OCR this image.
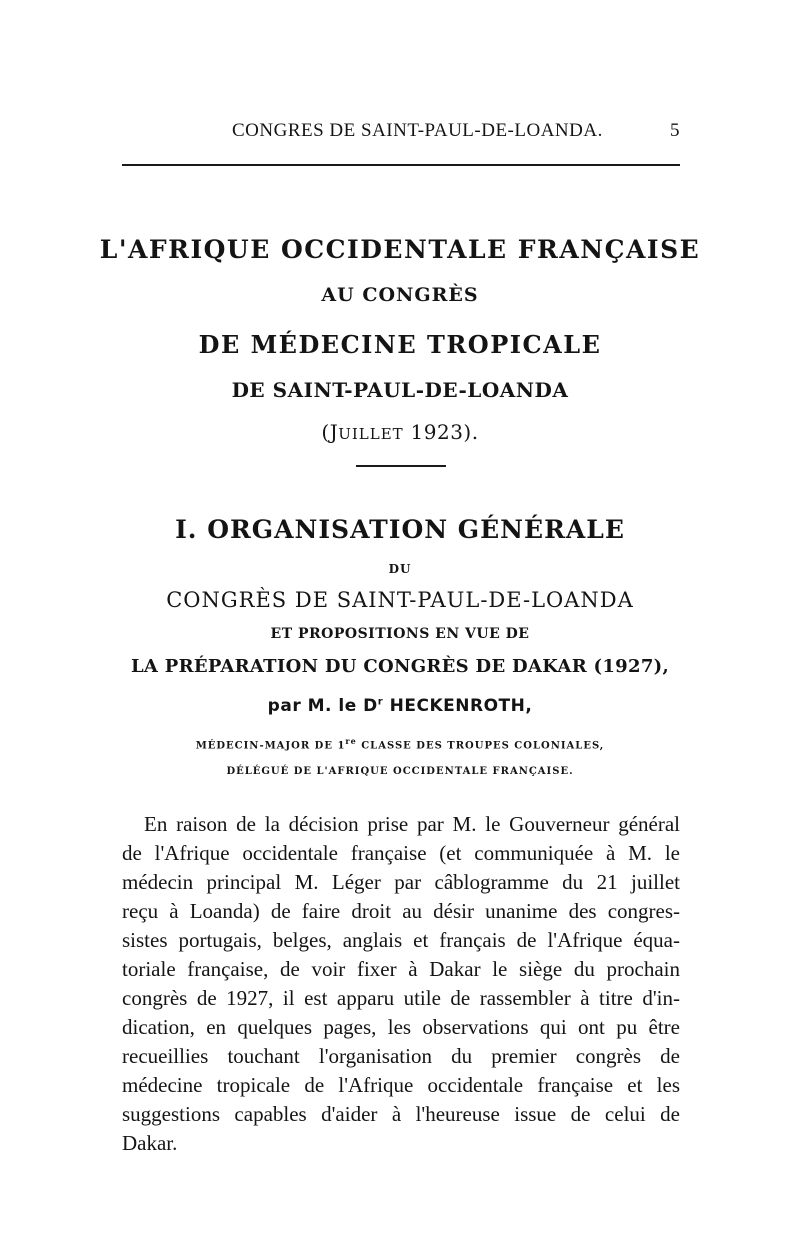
CONGRES DE SAINT-PAUL-DE-LOANDA.	5
L'AFRIQUE OCCIDENTALE FRANÇAISE
AU CONGRÈS
DE MÉDECINE TROPICALE
DE SAINT-PAUL-DE-LOANDA
(JUILLET 1923).
I. ORGANISATION GÉNÉRALE
DU
CONGRÈS DE SAINT-PAUL-DE-LOANDA
ET PROPOSITIONS EN VUE DE
LA PRÉPARATION DU CONGRÈS DE DAKAR (1927),
par M. le $D^r$ HECKENROTH,
MÉDECIN-MAJOR DE 1re CLASSE DES TROUPES COLONIALES,
DÉLÉGUÉ DE L'AFRIQUE OCCIDENTALE FRANÇAISE.
En raison de la décision prise par M. le Gouverneur général
de l'Afrique occidentale française (et communiquée à M. le
médecin principal M. Léger par câblogramme du 21 juillet
reçu à Loanda) de faire droit au désir unanime des congres-
sistes portugais, belges, anglais et français de l'Afrique équa-
toriale française, de voir fixer à Dakar le siège du prochain
congrès de 1927, il est apparu utile de rassembler à titre d'in-
dication, en quelques pages, les observations qui ont pu être
recueillies touchant l'organisation du premier congrès de
médecine tropicale de l'Afrique occidentale française et les
suggestions capables d'aider à l'heureuse issue de celui de
Dakar.
